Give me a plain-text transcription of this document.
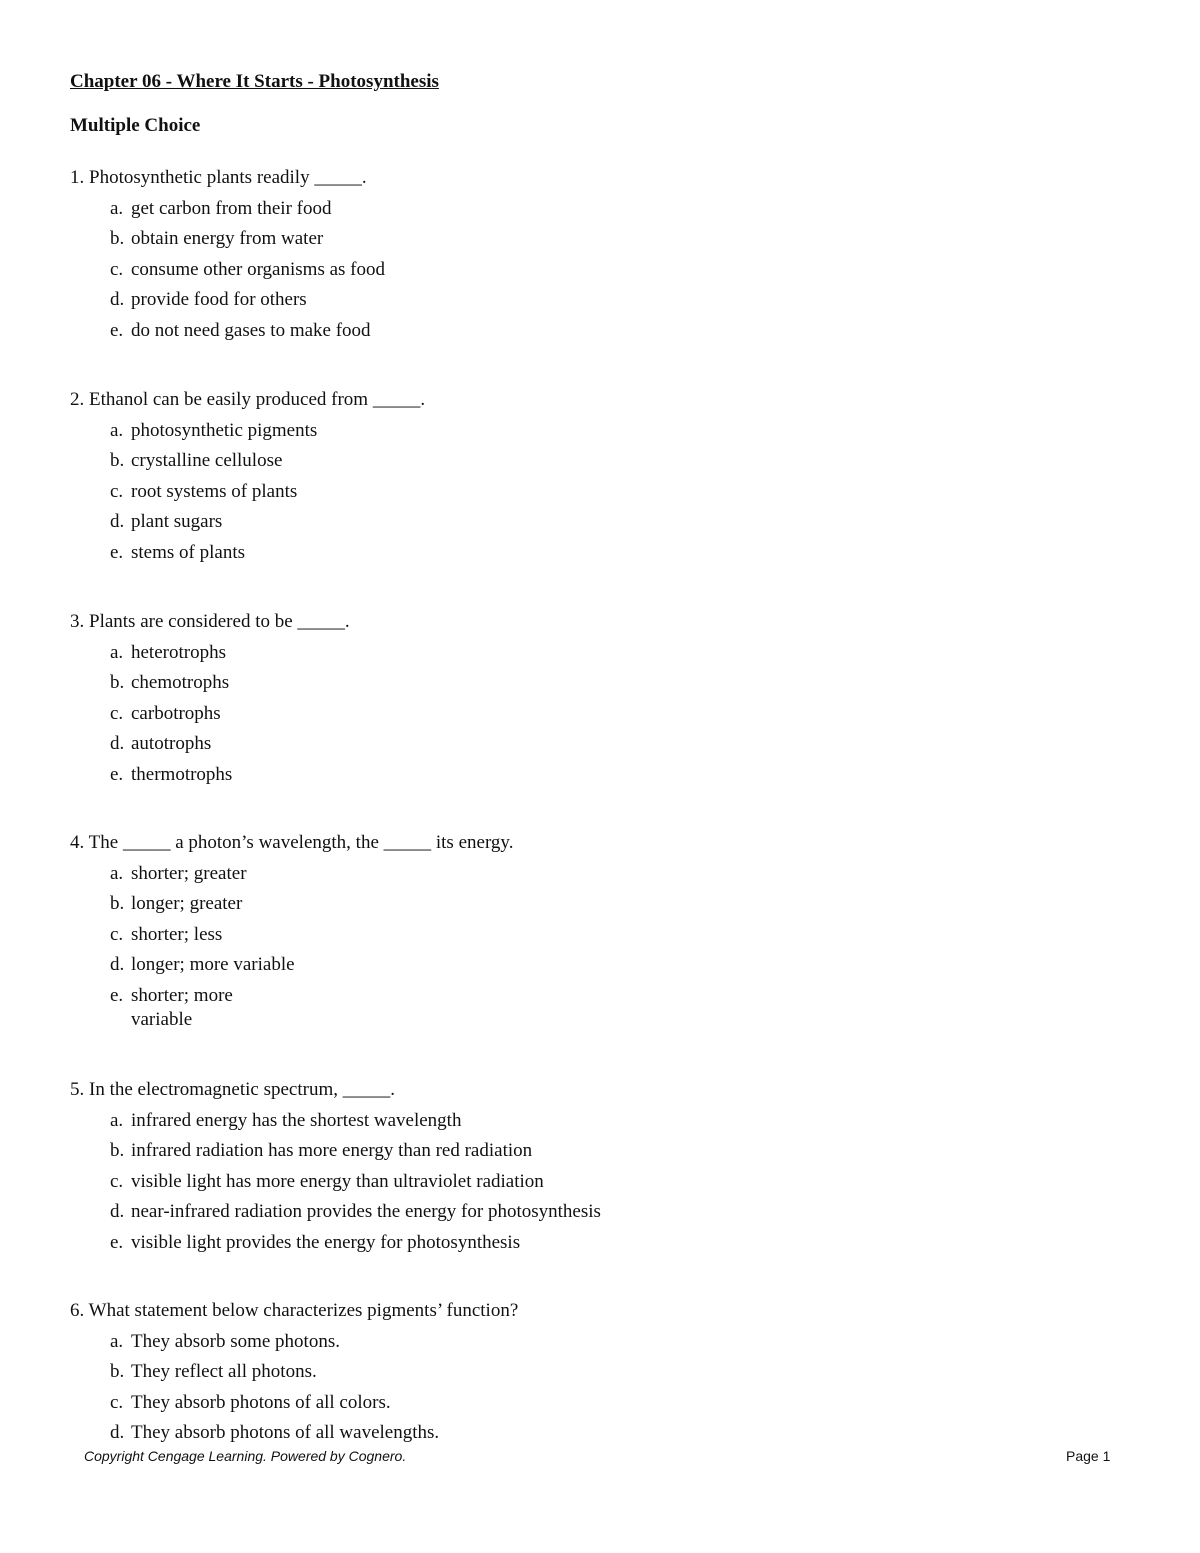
Chapter 06 - Where It Starts - Photosynthesis
Multiple Choice
1. Photosynthetic plants readily _____.
a. get carbon from their food
b. obtain energy from water
c. consume other organisms as food
d. provide food for others
e. do not need gases to make food
2. Ethanol can be easily produced from _____.
a. photosynthetic pigments
b. crystalline cellulose
c. root systems of plants
d. plant sugars
e. stems of plants
3. Plants are considered to be _____.
a. heterotrophs
b. chemotrophs
c. carbotrophs
d. autotrophs
e. thermotrophs
4. The _____ a photon’s wavelength, the _____ its energy.
a. shorter; greater
b. longer; greater
c. shorter; less
d. longer; more variable
e. shorter; more variable
5. In the electromagnetic spectrum, _____.
a. infrared energy has the shortest wavelength
b. infrared radiation has more energy than red radiation
c. visible light has more energy than ultraviolet radiation
d. near-infrared radiation provides the energy for photosynthesis
e. visible light provides the energy for photosynthesis
6. What statement below characterizes pigments’ function?
a. They absorb some photons.
b. They reflect all photons.
c. They absorb photons of all colors.
d. They absorb photons of all wavelengths.
Copyright Cengage Learning. Powered by Cognero.	Page 1
